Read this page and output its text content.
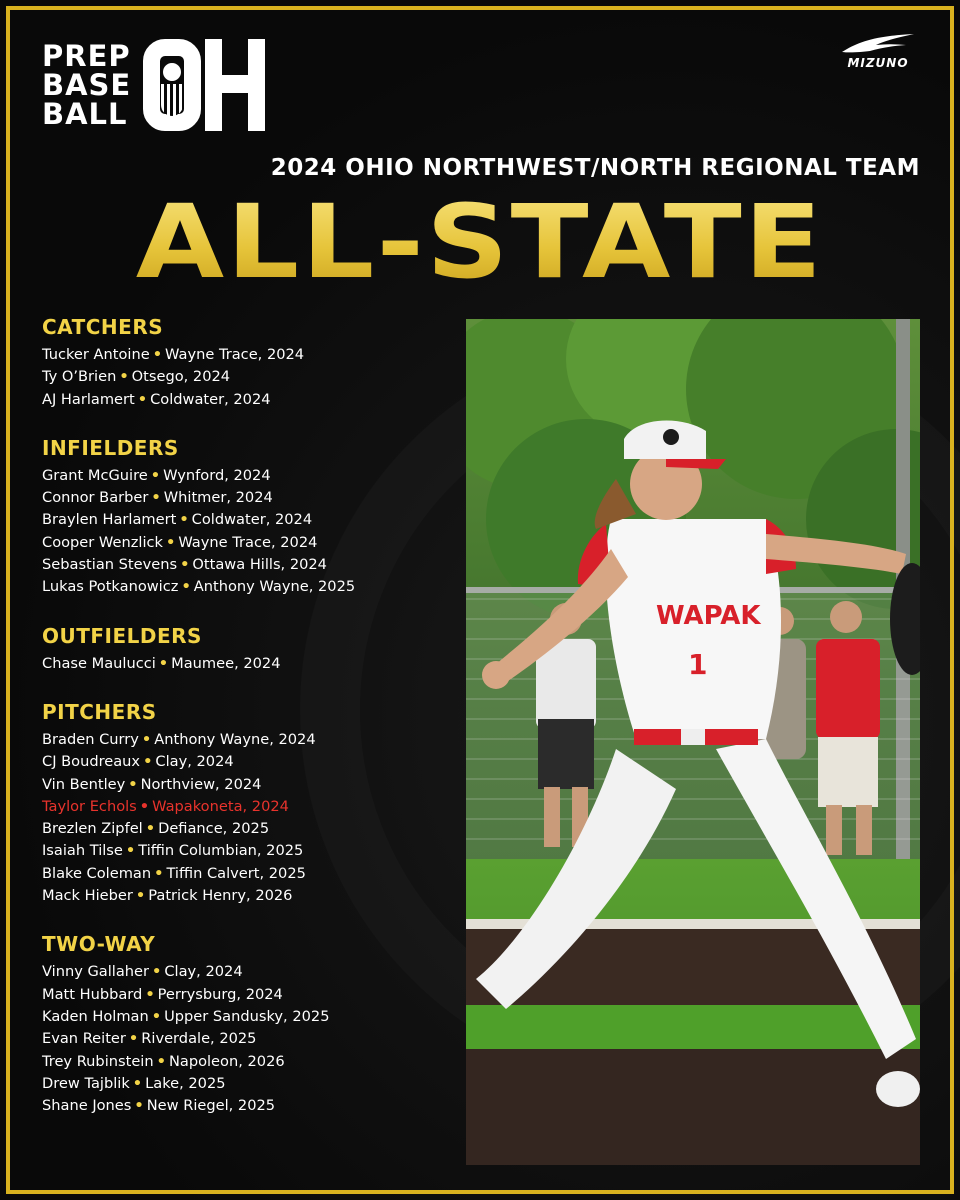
PREP
BASE
BALL
MIZUNO
2024 OHIO NORTHWEST/NORTH REGIONAL TEAM
ALL-STATE
CATCHERS
Tucker Antoine • Wayne Trace, 2024
Ty O’Brien • Otsego, 2024
AJ Harlamert • Coldwater, 2024
INFIELDERS
Grant McGuire • Wynford, 2024
Connor Barber • Whitmer, 2024
Braylen Harlamert • Coldwater, 2024
Cooper Wenzlick • Wayne Trace, 2024
Sebastian Stevens • Ottawa Hills, 2024
Lukas Potkanowicz • Anthony Wayne, 2025
OUTFIELDERS
Chase Maulucci • Maumee, 2024
PITCHERS
Braden Curry • Anthony Wayne, 2024
CJ Boudreaux • Clay, 2024
Vin Bentley • Northview, 2024
Taylor Echols • Wapakoneta, 2024
Brezlen Zipfel • Defiance, 2025
Isaiah Tilse • Tiffin Columbian, 2025
Blake Coleman • Tiffin Calvert, 2025
Mack Hieber • Patrick Henry, 2026
TWO-WAY
Vinny Gallaher • Clay, 2024
Matt Hubbard • Perrysburg, 2024
Kaden Holman • Upper Sandusky, 2025
Evan Reiter • Riverdale, 2025
Trey Rubinstein • Napoleon, 2026
Drew Tajblik • Lake, 2025
Shane Jones • New Riegel, 2025
WAPAK
1
